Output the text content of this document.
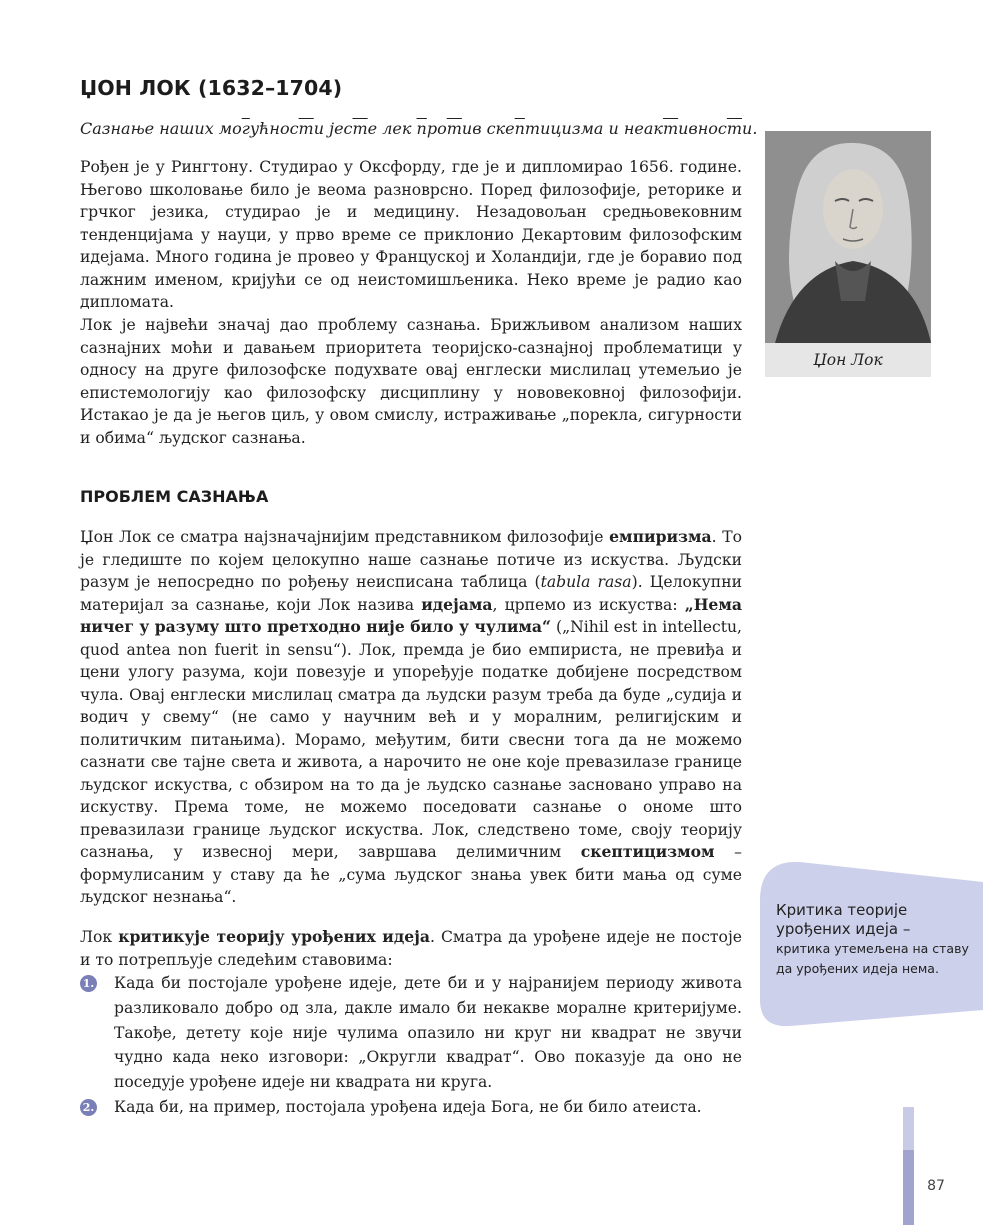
ЏОН ЛОК (1632–1704)

Сазнање наших могућности јесте лек против скептицизма и неактивности.

Рођен је у Рингтону. Студирао у Оксфорду, где је и дипломирао 1656. године. Његово школовање било је веома разноврсно. Поред филозофије, реторике и грчког језика, студирао је и медицину. Незадовољан средњовековним тенденцијама у науци, у прво време се приклонио Декартовим филозофским идејама. Много година је провео у Француској и Холандији, где је боравио под лажним именом, кријући се од неистомишљеника. Неко време је радио као дипломата.

Лок је највећи значај дао проблему сазнања. Брижљивом анализом наших сазнајних моћи и давањем приоритета теоријско-сазнајној проблематици у односу на друге филозофске подухвате овај енглески мислилац утемељио је епистемологију као филозофску дисциплину у нововековној филозофији. Истакао је да је његов циљ, у овом смислу, истраживање „порекла, сигурности и обима“ људског сазнања.

ПРОБЛЕМ САЗНАЊА

Џон Лок се сматра најзначајнијим представником филозофије емпиризма. То је гледиште по којем целокупно наше сазнање потиче из искуства. Људски разум је непосредно по рођењу неисписана таблица (tabula rasa). Целокупни материјал за сазнање, који Лок назива идејама, црпемо из искуства: „Нема ничег у разуму што претходно није било у чулима“ („Nihil est in intellectu, quod antea non fuerit in sensu“). Лок, премда је био емпириста, не превиђа и цени улогу разума, који повезује и упоређује податке добијене посредством чула. Овај енглески мислилац сматра да људски разум треба да буде „судија и водич у свему“ (не само у научним већ и у моралним, религијским и политичким питањима). Морамо, међутим, бити свесни тога да не можемо сазнати све тајне света и живота, а нарочито не оне које превазилазе границе људског искуства, с обзиром на то да је људско сазнање засновано управо на искуству. Према томе, не можемо поседовати сазнање о ономе што превазилази границе људског искуства. Лок, следствено томе, своју теорију сазнања, у извесној мери, завршава делимичним скептицизмом – формулисаним у ставу да ће „сума људског знања увек бити мања од суме људског незнања“.

Лок критикује теорију урођених идеја. Сматра да урођене идеје не постоје и то потрепљује следећим ставовима:

1. Када би постојале урођене идеје, дете би и у најранијем периоду живота разликовало добро од зла, дакле имало би некакве моралне критеријуме. Такође, детету које није чулима опазило ни круг ни квадрат не звучи чудно када неко изговори: „Округли квадрат“. Ово показује да оно не поседује урођене идеје ни квадрата ни круга.
2. Када би, на пример, постојала урођена идеја Бога, не би било атеиста.
Џон Лок

Критика теорије урођених идеја –

критика утемељена на ставу да урођених идеја нема.

87
